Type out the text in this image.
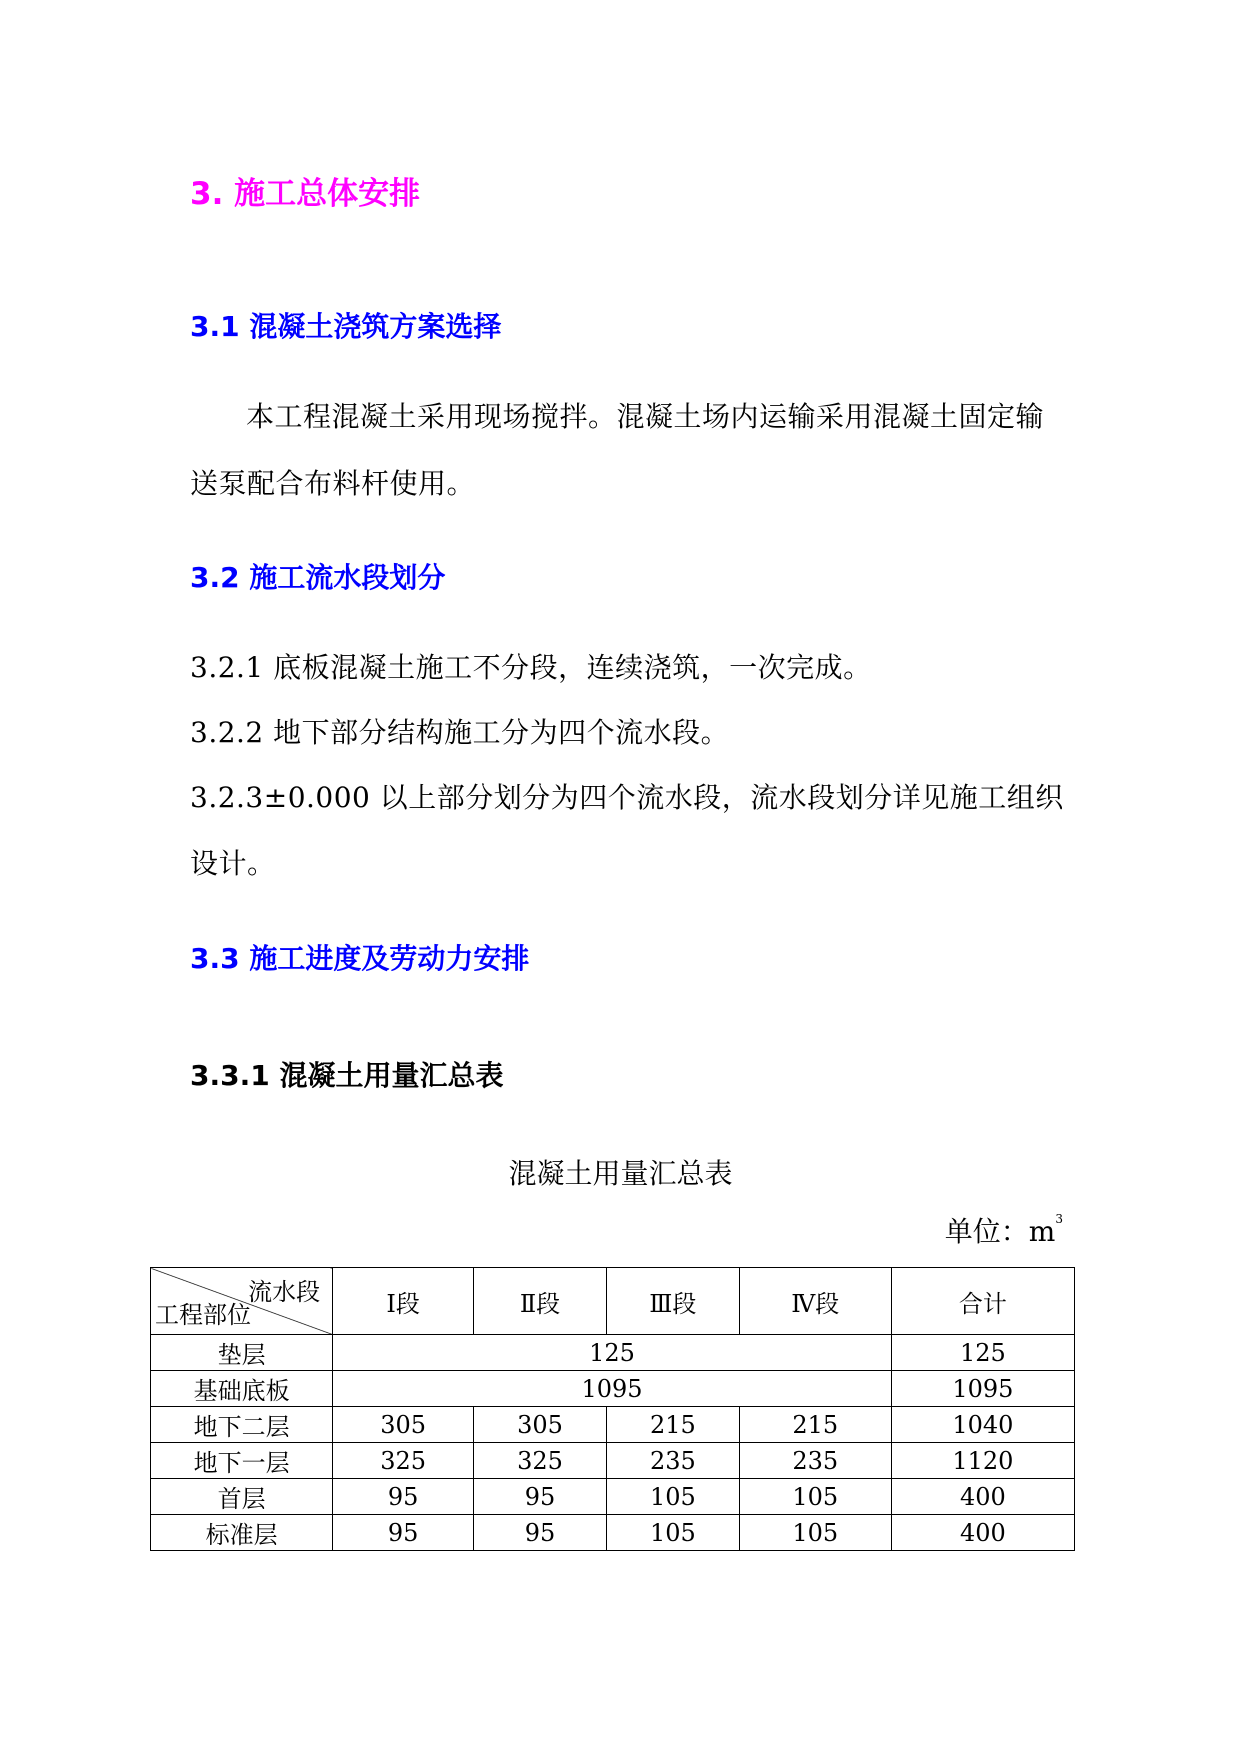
3. 施工总体安排
3.1 混凝土浇筑方案选择

本工程混凝土采用现场搅拌。混凝土场内运输采用混凝土固定输

送泵配合布料杆使用。

3.2 施工流水段划分

3.2.1 底板混凝土施工不分段，连续浇筑，一次完成。

3.2.2 地下部分结构施工分为四个流水段。

3.2.3±0.000 以上部分划分为四个流水段，流水段划分详见施工组织

设计。

3.3 施工进度及劳动力安排
3.3.1 混凝土用量汇总表

混凝土用量汇总表

单位：$m^3$

流水段
工程部位	Ⅰ段	Ⅱ段	Ⅲ段	Ⅳ段	合计
垫层	125				125
基础底板	1095				1095
地下二层	305	305	215	215	1040
地下一层	325	325	235	235	1120
首层	95	95	105	105	400
标准层	95	95	105	105	400
